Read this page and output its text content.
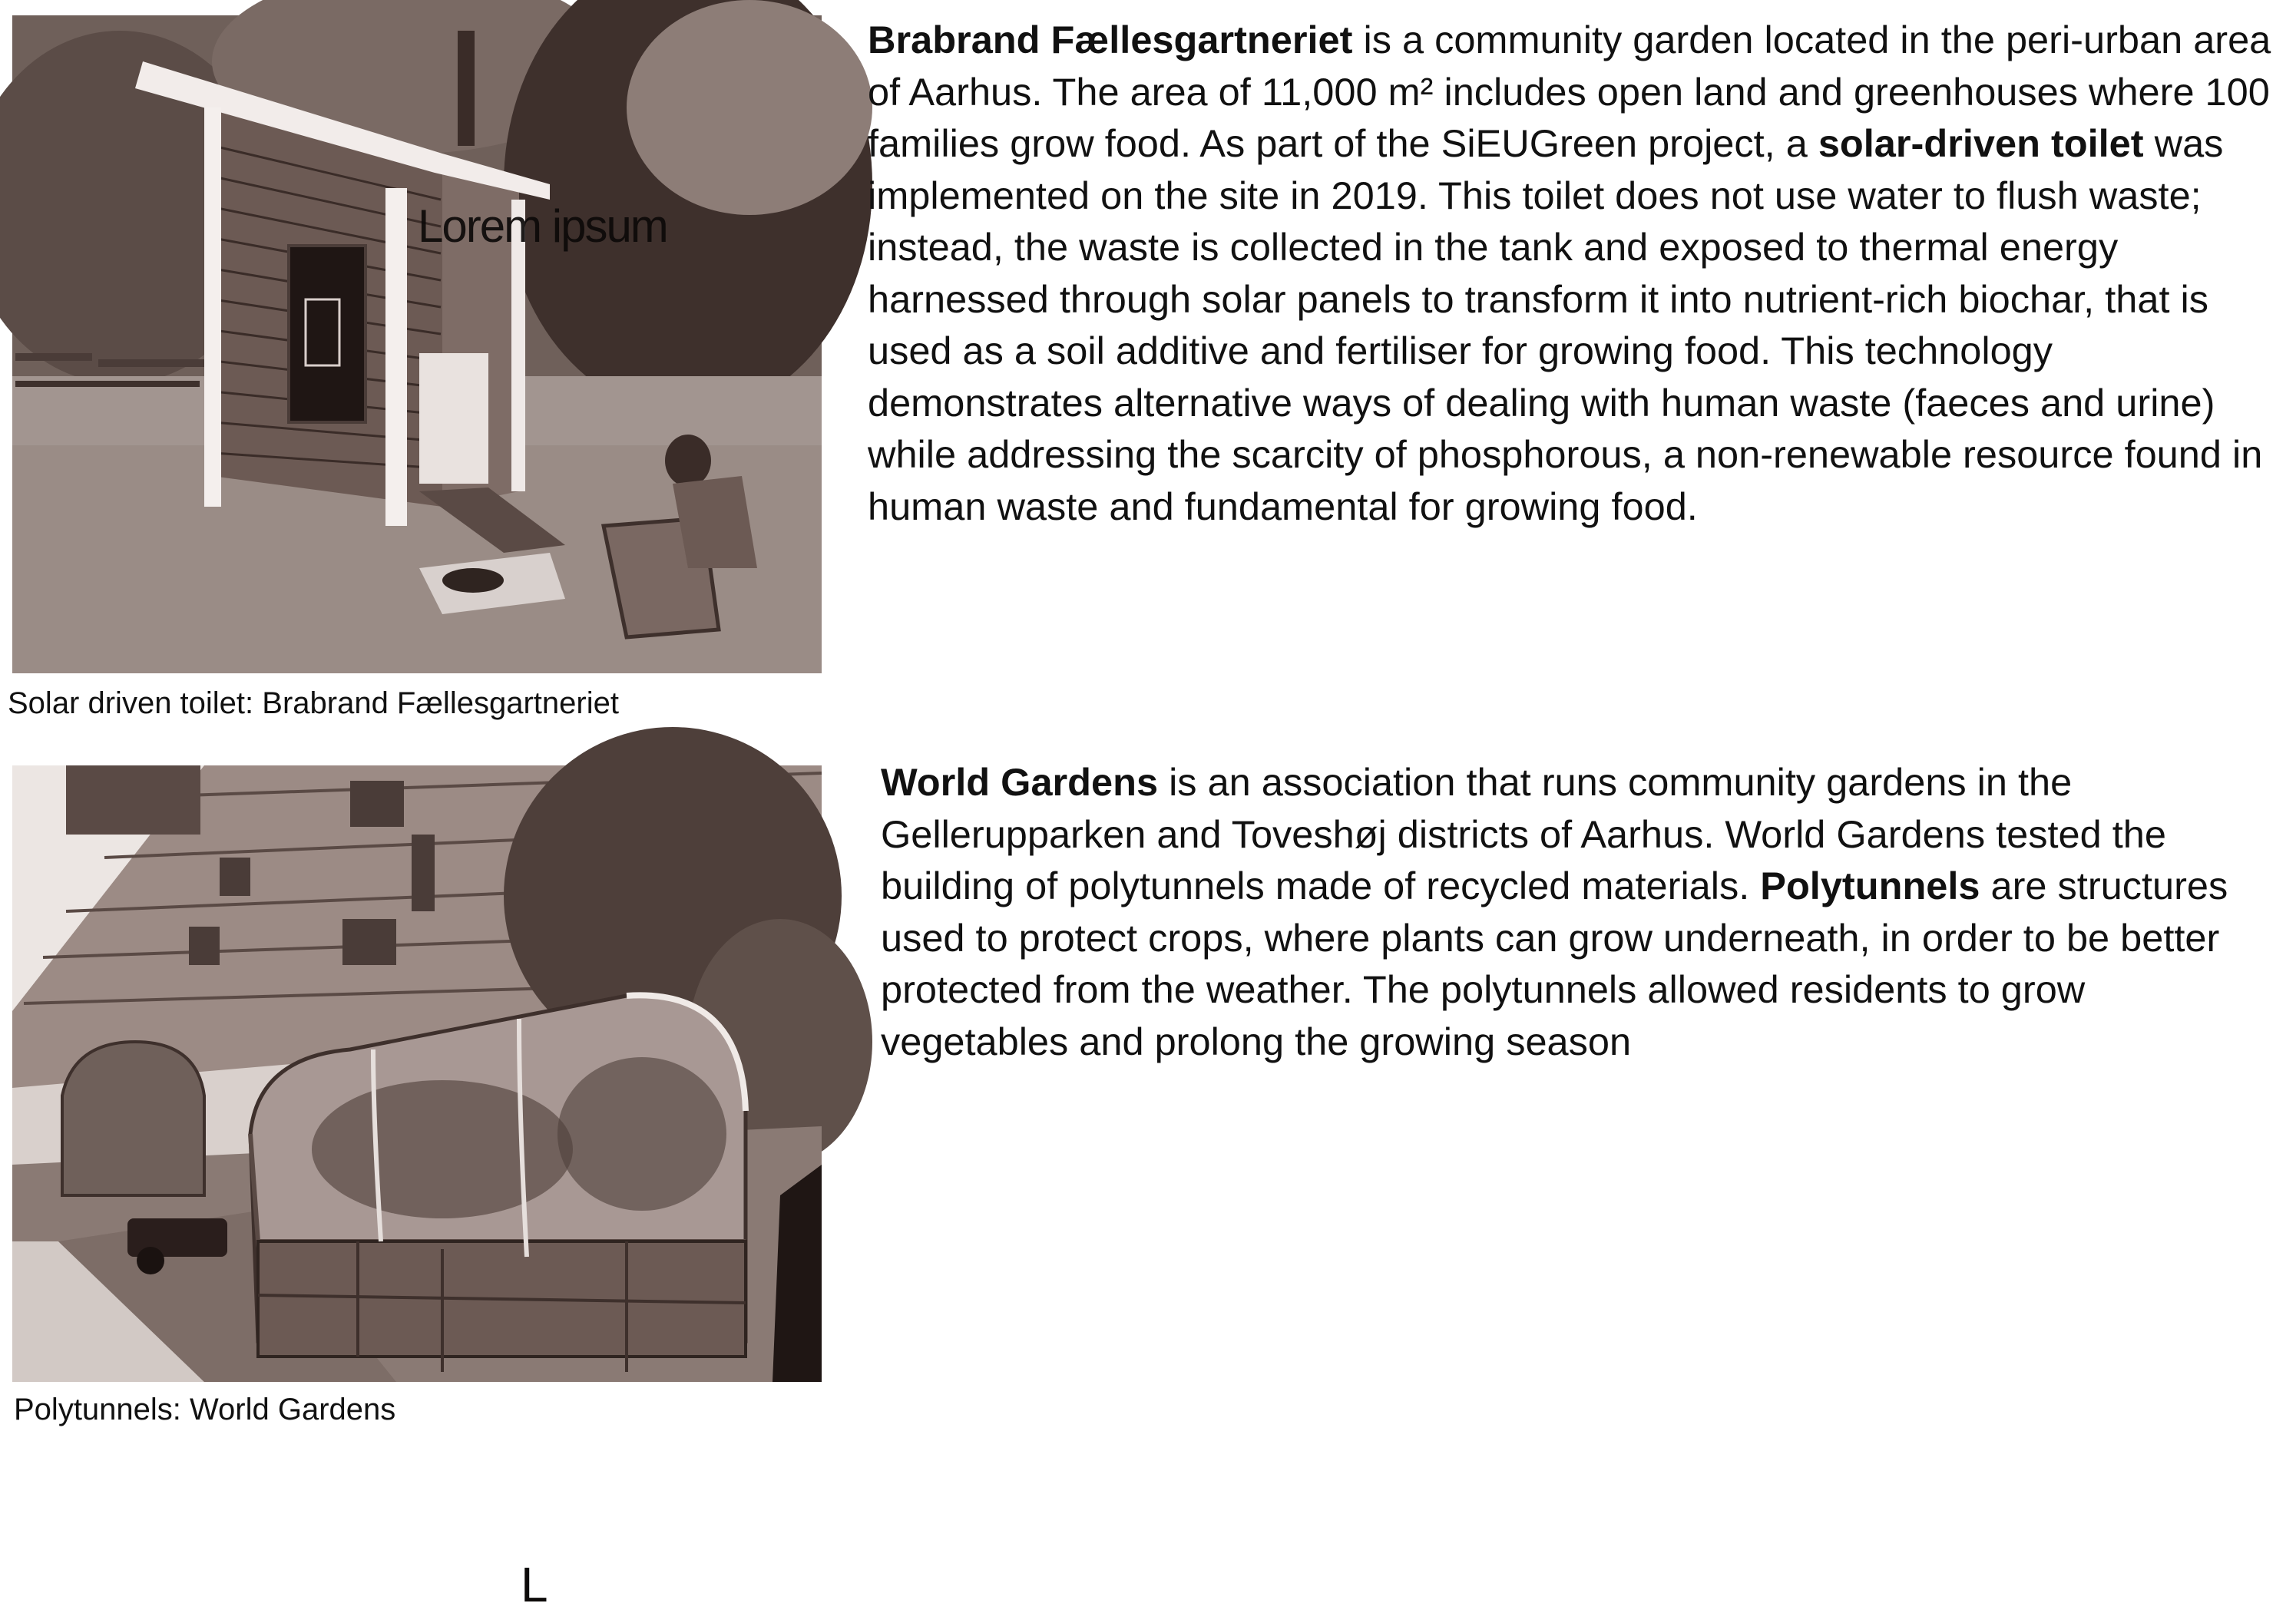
Lorem ipsum
Solar driven toilet: Brabrand Fællesgartneriet
Brabrand Fællesgartneriet is a community garden located in the peri-urban area of Aarhus. The area of 11,000 m² includes open land and greenhouses where 100 families grow food. As part of the SiEUGreen project, a solar-driven toilet was implemented on the site in 2019. This toilet does not use water to flush waste; instead, the waste is collected in the tank and exposed to thermal energy harnessed through solar panels to transform it into nutrient-rich biochar, that is used as a soil additive and fertiliser for growing food. This technology demonstrates alternative ways of dealing with human waste (faeces and urine) while addressing the scarcity of phosphorous, a non-renewable resource found in human waste and fundamental for growing food.
L
Polytunnels: World Gardens
World Gardens is an association that runs community gardens in the Gellerupparken and Toveshøj districts of Aarhus. World Gardens tested the building of polytunnels made of recycled materials. Polytunnels are structures used to protect crops, where plants can grow underneath, in order to be better protected from the weather. The polytunnels allowed residents to grow vegetables and prolong the growing season
